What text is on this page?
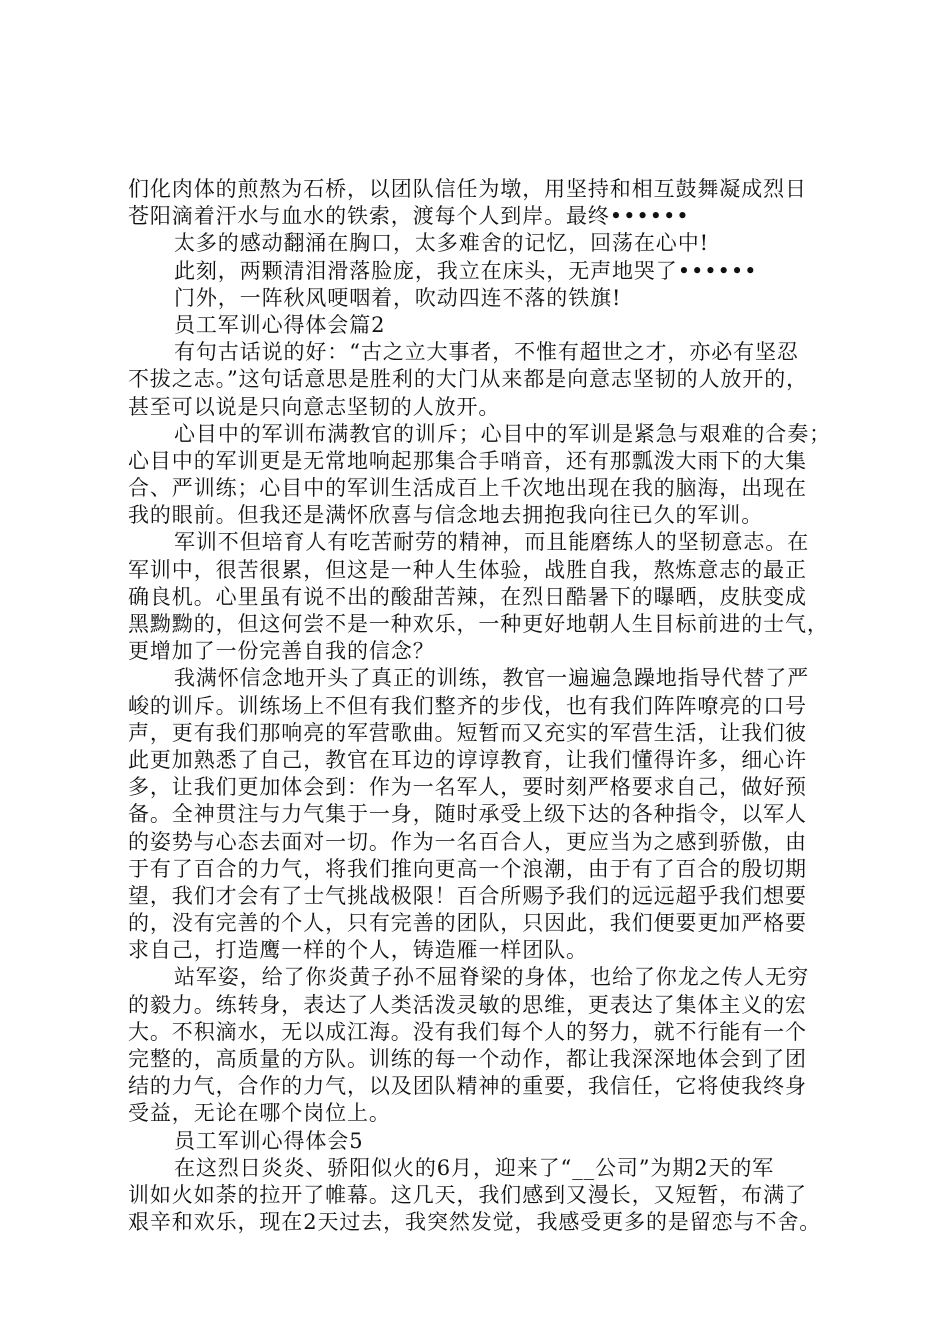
们化肉体的煎熬为石桥，以团队信任为墩，用坚持和相互鼓舞凝成烈日
苍阳滴着汗水与血水的铁索，渡每个人到岸。最终••••••
太多的感动翻涌在胸口，太多难舍的记忆，回荡在心中!
此刻，两颗清泪滑落脸庞，我立在床头，无声地哭了••••••
门外，一阵秋风哽咽着，吹动四连不落的铁旗!
员工军训心得体会篇2
有句古话说的好：“古之立大事者，不惟有超世之才，亦必有坚忍
不拔之志。”这句话意思是胜利的大门从来都是向意志坚韧的人放开的，
甚至可以说是只向意志坚韧的人放开。
心目中的军训布满教官的训斥；心目中的军训是紧急与艰难的合奏；
心目中的军训更是无常地响起那集合手哨音，还有那瓢泼大雨下的大集
合、严训练；心目中的军训生活成百上千次地出现在我的脑海，出现在
我的眼前。但我还是满怀欣喜与信念地去拥抱我向往已久的军训。
军训不但培育人有吃苦耐劳的精神，而且能磨练人的坚韧意志。在
军训中，很苦很累，但这是一种人生体验，战胜自我，熬炼意志的最正
确良机。心里虽有说不出的酸甜苦辣，在烈日酷暑下的曝晒，皮肤变成
黑黝黝的，但这何尝不是一种欢乐，一种更好地朝人生目标前进的士气，
更增加了一份完善自我的信念？
我满怀信念地开头了真正的训练，教官一遍遍急躁地指导代替了严
峻的训斥。训练场上不但有我们整齐的步伐，也有我们阵阵嘹亮的口号
声，更有我们那响亮的军营歌曲。短暂而又充实的军营生活，让我们彼
此更加熟悉了自己，教官在耳边的谆谆教育，让我们懂得许多，细心许
多，让我们更加体会到：作为一名军人，要时刻严格要求自己，做好预
备。全神贯注与力气集于一身，随时承受上级下达的各种指令，以军人
的姿势与心态去面对一切。作为一名百合人，更应当为之感到骄傲，由
于有了百合的力气，将我们推向更高一个浪潮，由于有了百合的殷切期
望，我们才会有了士气挑战极限！百合所赐予我们的远远超乎我们想要
的，没有完善的个人，只有完善的团队，只因此，我们便要更加严格要
求自己，打造鹰一样的个人，铸造雁一样团队。
站军姿，给了你炎黄子孙不屈脊梁的身体，也给了你龙之传人无穷
的毅力。练转身，表达了人类活泼灵敏的思维，更表达了集体主义的宏
大。不积滴水，无以成江海。没有我们每个人的努力，就不行能有一个
完整的，高质量的方队。训练的每一个动作，都让我深深地体会到了团
结的力气，合作的力气，以及团队精神的重要，我信任，它将使我终身
受益，无论在哪个岗位上。
员工军训心得体会5
在这烈日炎炎、骄阳似火的6月，迎来了“__公司”为期2天的军
训如火如荼的拉开了帷幕。这几天，我们感到又漫长，又短暂，布满了
艰辛和欢乐，现在2天过去，我突然发觉，我感受更多的是留恋与不舍。
